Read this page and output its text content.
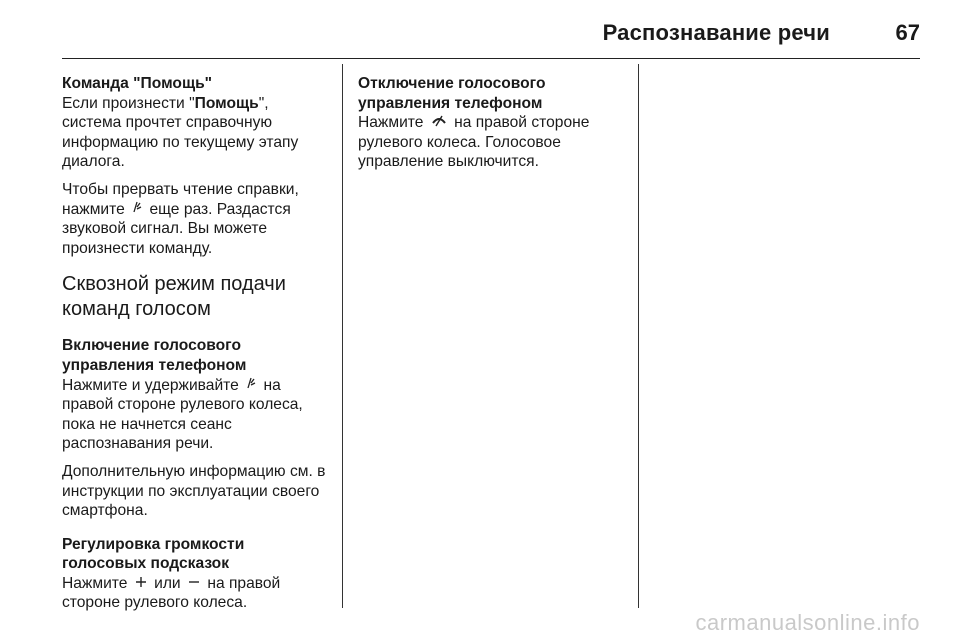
Распознавание речи	67
Команда "Помощь"

Если произнести "Помощь", система прочтет справочную информацию по текущему этапу диалога.

Чтобы прервать чтение справки, нажмите еще раз. Раздастся звуковой сигнал. Вы можете произнести команду.

Сквозной режим подачи команд голосом
Включение голосового управления телефоном

Нажмите и удерживайте на правой стороне рулевого колеса, пока не начнется сеанс распознавания речи.

Дополнительную информацию см. в инструкции по эксплуатации своего смартфона.

Регулировка громкости голосовых подсказок

Нажмите или на правой стороне рулевого колеса.

Отключение голосового управления телефоном

Нажмите на правой стороне рулевого колеса. Голосовое управление выключится.

carmanualsonline.info
